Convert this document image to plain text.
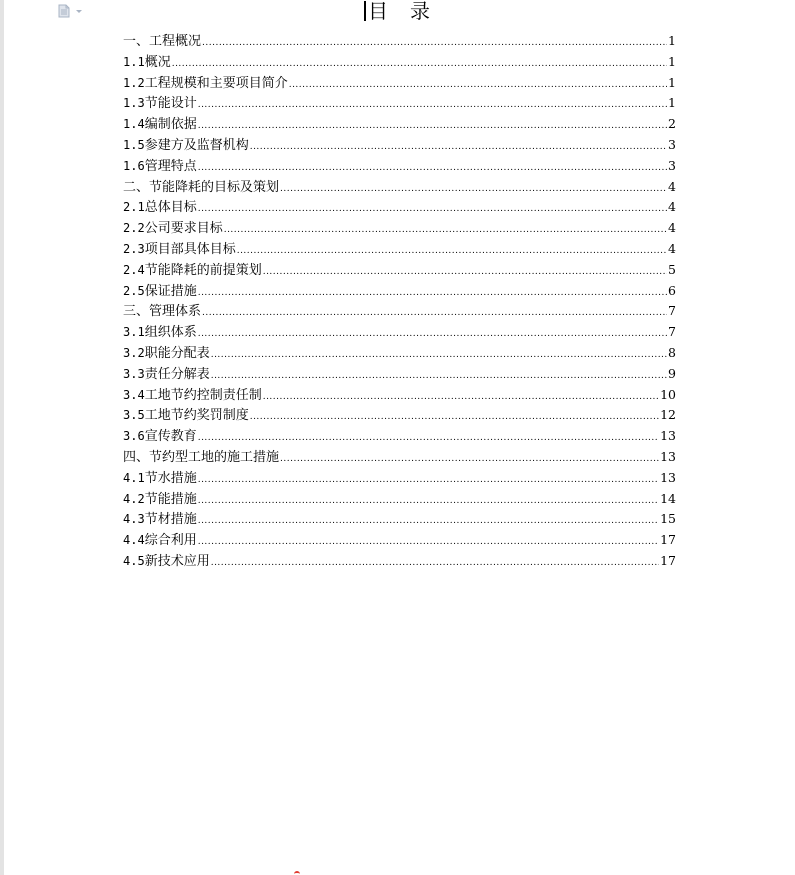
目　录
一、工程概况 .....	1
1.1 概况 .....	1
1.2 工程规模和主要项目简介 .....	1
1.3 节能设计 .....	1
1.4 编制依据 .....	2
1.5 参建方及监督机构 .....	3
1.6 管理特点 .....	3
二、节能降耗的目标及策划 .....	4
2.1 总体目标 .....	4
2.2 公司要求目标 .....	4
2.3 项目部具体目标 .....	4
2.4 节能降耗的前提策划 .....	5
2.5 保证措施 .....	6
三、管理体系 .....	7
3.1 组织体系 .....	7
3.2 职能分配表 .....	8
3.3 责任分解表 .....	9
3.4 工地节约控制责任制 .....	10
3.5 工地节约奖罚制度 .....	12
3.6 宣传教育 .....	13
四、节约型工地的施工措施 .....	13
4.1 节水措施 .....	13
4.2 节能措施 .....	14
4.3 节材措施 .....	15
4.4 综合利用 .....	17
4.5 新技术应用 .....	17
